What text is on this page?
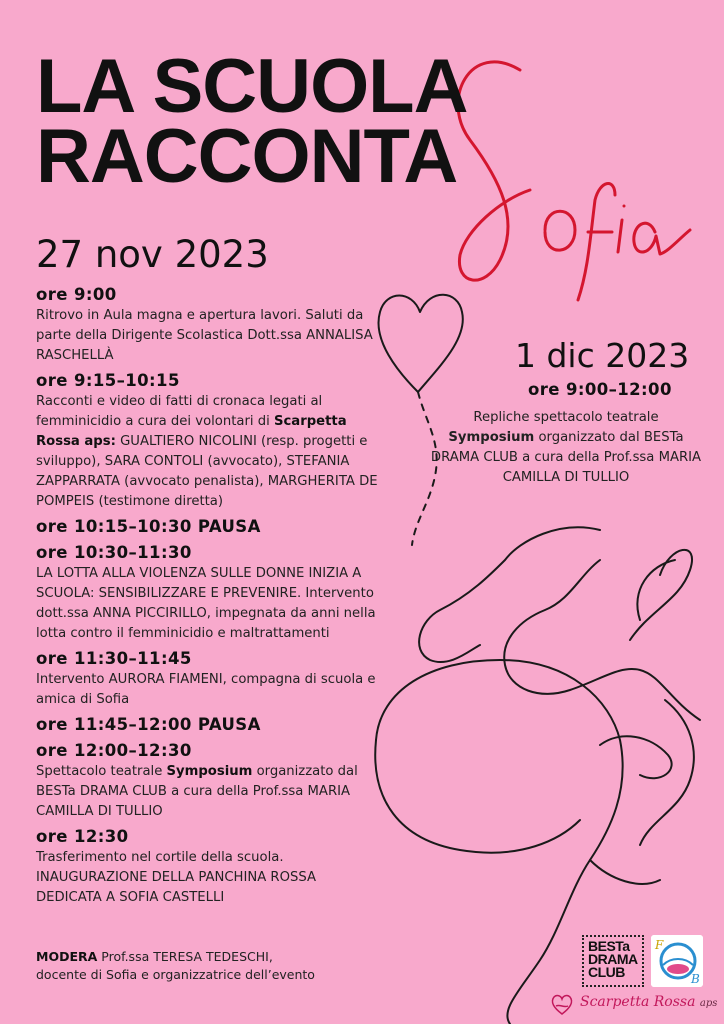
LA SCUOLA
RACCONTA
27 nov 2023
ore 9:00
Ritrovo in Aula magna e apertura lavori. Saluti da parte della Dirigente Scolastica Dott.ssa ANNALISA RASCHELLÀ
ore 9:15–10:15
Racconti e video di fatti di cronaca legati al femminicidio a cura dei volontari di Scarpetta Rossa aps: GUALTIERO NICOLINI (resp. progetti e sviluppo), SARA CONTOLI (avvocato), STEFANIA ZAPPARRATA (avvocato penalista), MARGHERITA DE POMPEIS (testimone diretta)
ore 10:15–10:30 PAUSA
ore 10:30–11:30
LA LOTTA ALLA VIOLENZA SULLE DONNE INIZIA A SCUOLA: SENSIBILIZZARE E PREVENIRE. Intervento dott.ssa ANNA PICCIRILLO, impegnata da anni nella lotta contro il femminicidio e maltrattamenti
ore 11:30–11:45
Intervento AURORA FIAMENI, compagna di scuola e amica di Sofia
ore 11:45–12:00 PAUSA
ore 12:00–12:30
Spettacolo teatrale Symposium organizzato dal BESTa DRAMA CLUB a cura della Prof.ssa MARIA CAMILLA DI TULLIO
ore 12:30
Trasferimento nel cortile della scuola. INAUGURAZIONE DELLA PANCHINA ROSSA DEDICATA A SOFIA CASTELLI
1 dic 2023
ore 9:00–12:00
Repliche spettacolo teatrale Symposium organizzato dal BESTa DRAMA CLUB a cura della Prof.ssa MARIA CAMILLA DI TULLIO
MODERA Prof.ssa TERESA TEDESCHI,
docente di Sofia e organizzatrice dell’evento
BESTa
DRAMA
CLUB
F
B
Scarpetta Rossa aps
